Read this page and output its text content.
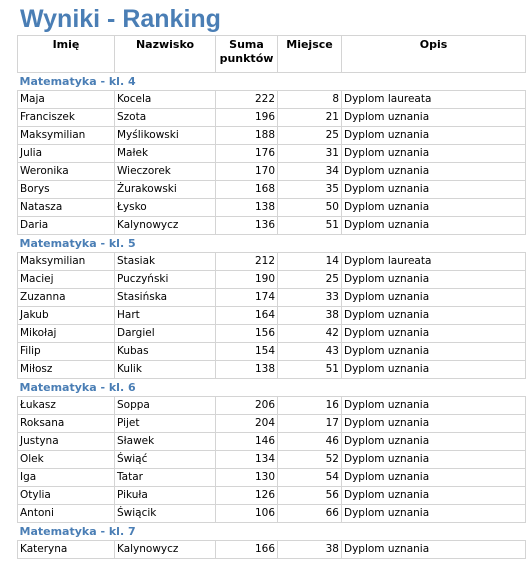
Wyniki - Ranking
Imię	Nazwisko	Suma punktów	Miejsce	Opis
Matematyka - kl. 4				
Maja	Kocela	222	8	Dyplom laureata
Franciszek	Szota	196	21	Dyplom uznania
Maksymilian	Myślikowski	188	25	Dyplom uznania
Julia	Małek	176	31	Dyplom uznania
Weronika	Wieczorek	170	34	Dyplom uznania
Borys	Żurakowski	168	35	Dyplom uznania
Natasza	Łysko	138	50	Dyplom uznania
Daria	Kalynowycz	136	51	Dyplom uznania
Matematyka - kl. 5				
Maksymilian	Stasiak	212	14	Dyplom laureata
Maciej	Puczyński	190	25	Dyplom uznania
Zuzanna	Stasińska	174	33	Dyplom uznania
Jakub	Hart	164	38	Dyplom uznania
Mikołaj	Dargiel	156	42	Dyplom uznania
Filip	Kubas	154	43	Dyplom uznania
Miłosz	Kulik	138	51	Dyplom uznania
Matematyka - kl. 6				
Łukasz	Soppa	206	16	Dyplom uznania
Roksana	Pijet	204	17	Dyplom uznania
Justyna	Sławek	146	46	Dyplom uznania
Olek	Świąć	134	52	Dyplom uznania
Iga	Tatar	130	54	Dyplom uznania
Otylia	Pikuła	126	56	Dyplom uznania
Antoni	Świącik	106	66	Dyplom uznania
Matematyka - kl. 7				
Kateryna	Kalynowycz	166	38	Dyplom uznania
